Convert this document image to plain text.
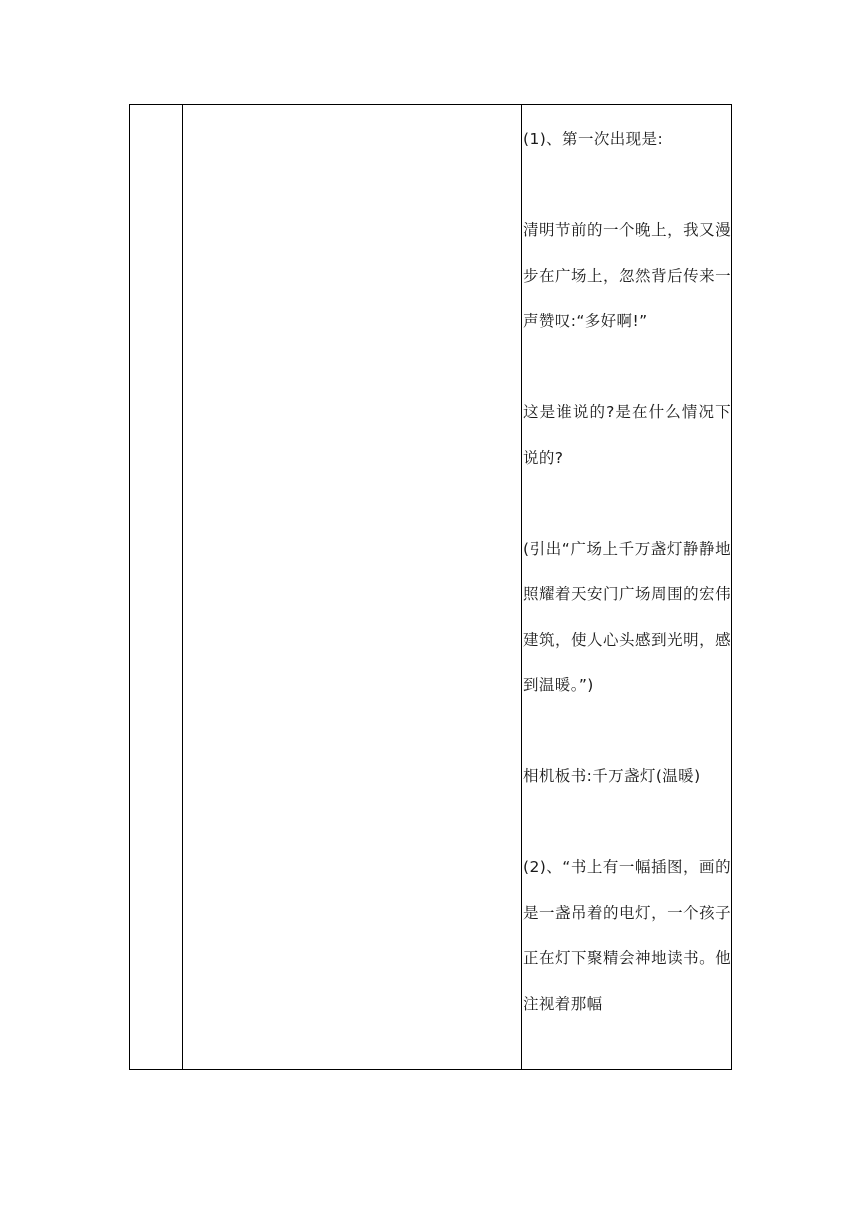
(1)、第一次出现是:

清明节前的一个晚上，我又漫步在广场上，忽然背后传来一声赞叹:“多好啊!”

这是谁说的?是在什么情况下说的?

(引出“广场上千万盏灯静静地照耀着天安门广场周围的宏伟建筑，使人心头感到光明，感到温暖。”)

相机板书:千万盏灯(温暖)

(2)、“书上有一幅插图，画的是一盏吊着的电灯，一个孩子正在灯下聚精会神地读书。他注视着那幅
